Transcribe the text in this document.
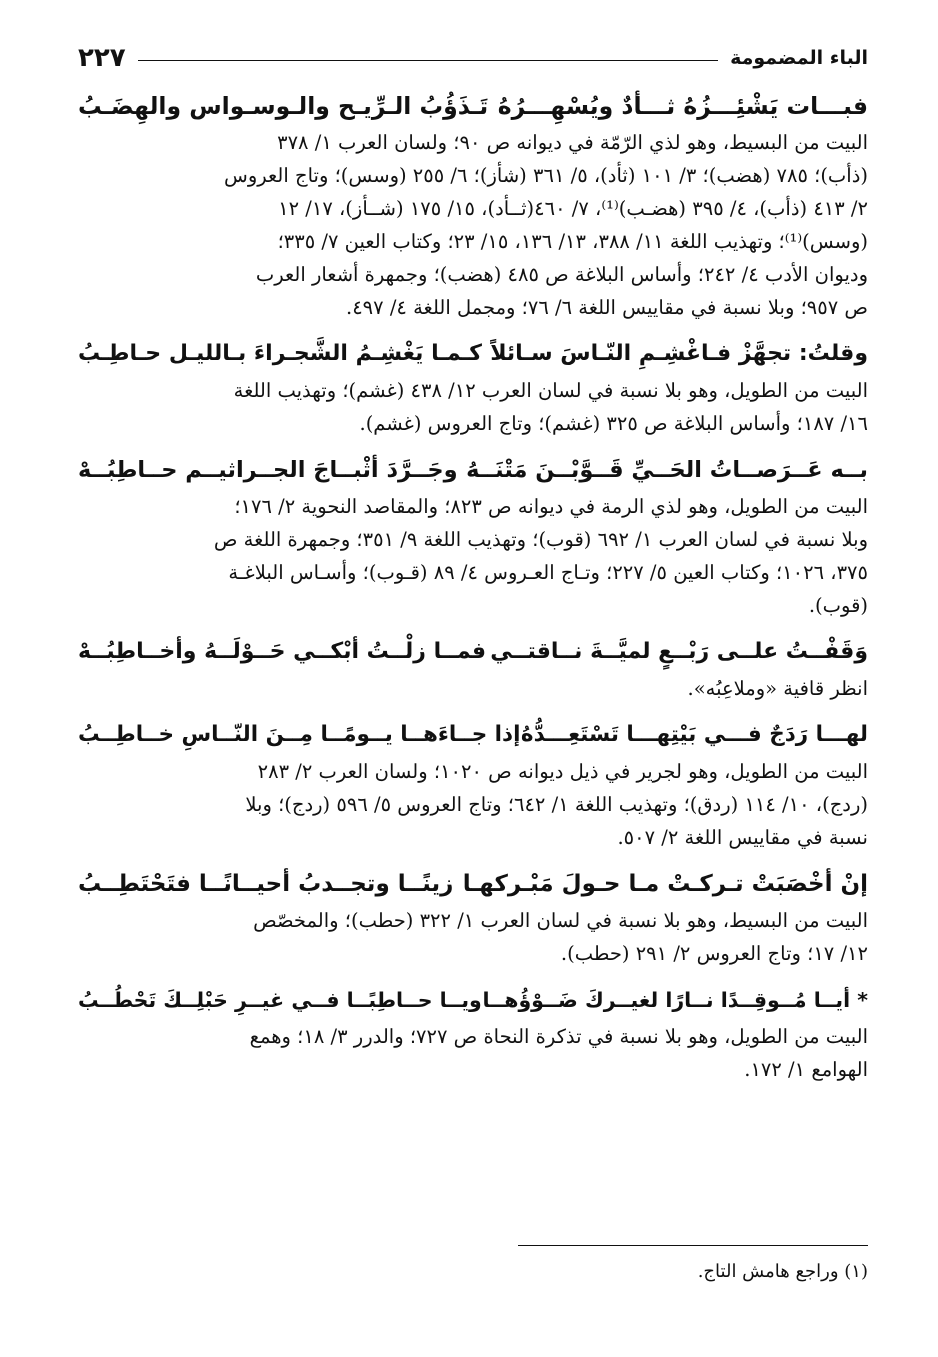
الباء المضمومة
٢٢٧
فبـــات يَشْئِـــزُهُ ثـــأدٌ ويُسْهِـــرُهُ
تَـذَؤُبُ الـرِّيـح والـوسـواس والهِضَـبُ

البيت من البسيط، وهو لذي الرّمّة في ديوانه ص ٩٠؛ ولسان العرب ١/ ٣٧٨
(ذأب)؛ ٧٨٥ (هضب)؛ ٣/ ١٠١ (ثأد)، ٥/ ٣٦١ (شأز)؛ ٦/ ٢٥٥ (وسس)؛ وتاج العروس
٢/ ٤١٣ (ذأب)، ٤/ ٣٩٥ (هضـب)⁽¹⁾، ٧/ ٤٦٠(ثــأد)، ١٥/ ١٧٥ (شــأز)، ١٧/ ١٢
(وسس)⁽¹⁾؛ وتهذيب اللغة ١١/ ٣٨٨، ١٣/ ١٣٦، ١٥/ ٢٣؛ وكتاب العين ٧/ ٣٣٥؛
وديوان الأدب ٤/ ٢٤٢؛ وأساس البلاغة ص ٤٨٥ (هضب)؛ وجمهرة أشعار العرب
ص ٩٥٧؛ وبلا نسبة في مقاييس اللغة ٦/ ٧٦؛ ومجمل اللغة ٤/ ٤٩٧.

وقلتُ: تجهَّزْ فـاغْشِـمِ النّـاسَ سـائلاً
كـمـا يَغْشِـمُ الشَّجـراءَ بـالليـل حـاطِـبُ

البيت من الطويل، وهو بلا نسبة في لسان العرب ١٢/ ٤٣٨ (غشم)؛ وتهذيب اللغة
١٦/ ١٨٧؛ وأساس البلاغة ص ٣٢٥ (غشم)؛ وتاج العروس (غشم).

بــه عَــرَصــاتُ الحَــيِّ قَــوَّبْــنَ مَتْنَــهُ
وجَــرَّدَ أثْبــاجَ الجــراثيــم حــاطِبُــهْ

البيت من الطويل، وهو لذي الرمة في ديوانه ص ٨٢٣؛ والمقاصد النحوية ٢/ ١٧٦؛
وبلا نسبة في لسان العرب ١/ ٦٩٢ (قوب)؛ وتهذيب اللغة ٩/ ٣٥١؛ وجمهرة اللغة ص
٣٧٥، ١٠٢٦؛ وكتاب العين ٥/ ٢٢٧؛ وتـاج العـروس ٤/ ٨٩ (قـوب)؛ وأسـاس البلاغـة
(قوب).

وَقَفْــتُ علــى رَبْــعٍ لميَّــةَ نــاقتــي
فمــا زلْــتُ أبْكــي حَــوْلَــهُ وأخــاطِبُــهْ

انظر قافية «وملاعِبُه».

لهـــا رَدَجٌ فـــي بَيْتِهـــا تَسْتَعِـــدُّهُ
إذا جــاءَهــا يــومًــا مِــنَ النّــاسِ خــاطِــبُ

البيت من الطويل، وهو لجرير في ذيل ديوانه ص ١٠٢٠؛ ولسان العرب ٢/ ٢٨٣
(ردج)، ١٠/ ١١٤ (ردق)؛ وتهذيب اللغة ١/ ٦٤٢؛ وتاج العروس ٥/ ٥٩٦ (ردج)؛ وبلا
نسبة في مقاييس اللغة ٢/ ٥٠٧.

إنْ أخْصَبَتْ تـركـتْ مـا حـولَ مَبْـركهـا
زينًــا وتجــدبُ أحيــانًــا فتَحْتَطِــبُ

البيت من البسيط، وهو بلا نسبة في لسان العرب ١/ ٣٢٢ (حطب)؛ والمخصّص
١٢/ ١٧؛ وتاج العروس ٢/ ٢٩١ (حطب).

* أيــا مُــوقِــدًا نــارًا لغيــركَ ضَــوْؤُهــا
ويــا حــاطِبًــا فــي غيــرِ حَبْلِــكَ تَحْطُــبُ

البيت من الطويل، وهو بلا نسبة في تذكرة النحاة ص ٧٢٧؛ والدرر ٣/ ١٨؛ وهمع
الهوامع ١/ ١٧٢.

(١) وراجع هامش التاج.
